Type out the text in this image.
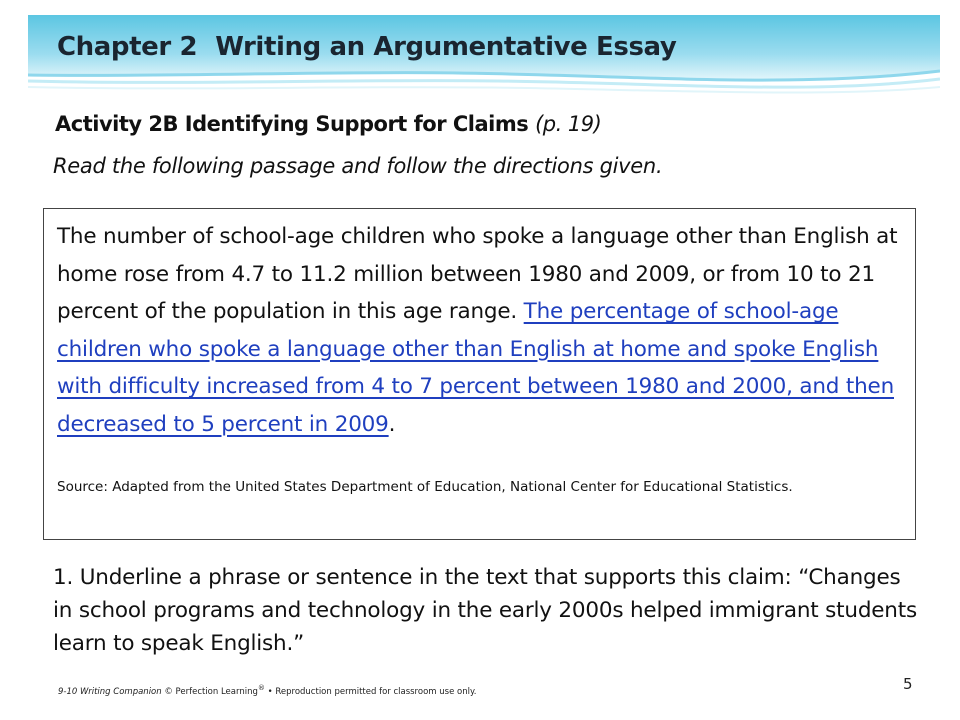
Chapter 2 Writing an Argumentative Essay
Activity 2B Identifying Support for Claims (p. 19)
Read the following passage and follow the directions given.

The number of school-age children who spoke a language other than English at home rose from 4.7 to 11.2 million between 1980 and 2009, or from 10 to 21 percent of the population in this age range. The percentage of school-age children who spoke a language other than English at home and spoke English with difficulty increased from 4 to 7 percent between 1980 and 2000, and then decreased to 5 percent in 2009.

Source: Adapted from the United States Department of Education, National Center for Educational Statistics.

1. Underline a phrase or sentence in the text that supports this claim: “Changes in school programs and technology in the early 2000s helped immigrant students learn to speak English.”

9-10 Writing Companion © Perfection Learning® • Reproduction permitted for classroom use only.	5
